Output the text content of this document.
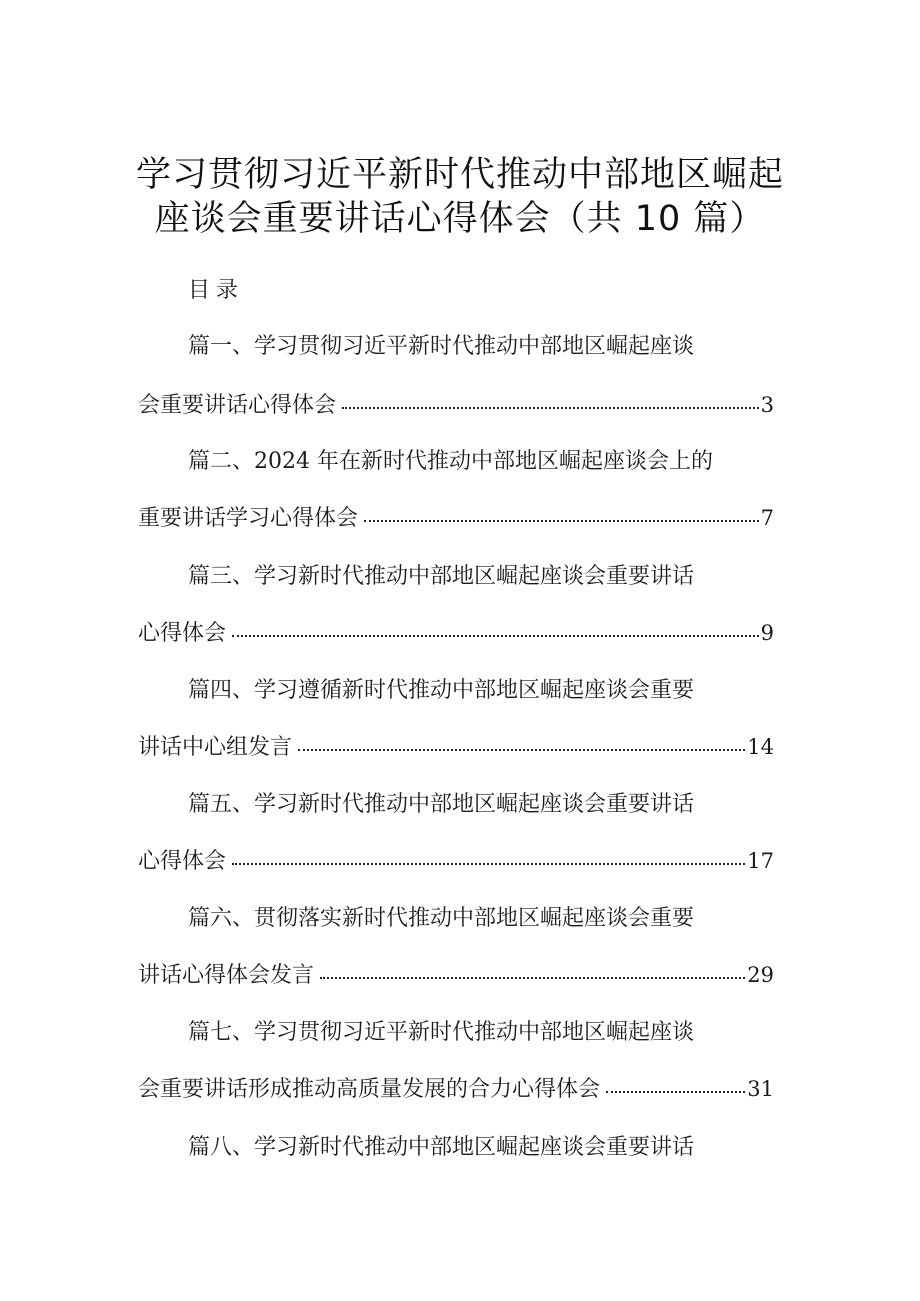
学习贯彻习近平新时代推动中部地区崛起
座谈会重要讲话心得体会（共 10 篇）
目录
篇一、学习贯彻习近平新时代推动中部地区崛起座谈
会重要讲话心得体会	3
篇二、2024 年在新时代推动中部地区崛起座谈会上的
重要讲话学习心得体会	7
篇三、学习新时代推动中部地区崛起座谈会重要讲话
心得体会	9
篇四、学习遵循新时代推动中部地区崛起座谈会重要
讲话中心组发言	14
篇五、学习新时代推动中部地区崛起座谈会重要讲话
心得体会	17
篇六、贯彻落实新时代推动中部地区崛起座谈会重要
讲话心得体会发言	29
篇七、学习贯彻习近平新时代推动中部地区崛起座谈
会重要讲话形成推动高质量发展的合力心得体会	31
篇八、学习新时代推动中部地区崛起座谈会重要讲话
